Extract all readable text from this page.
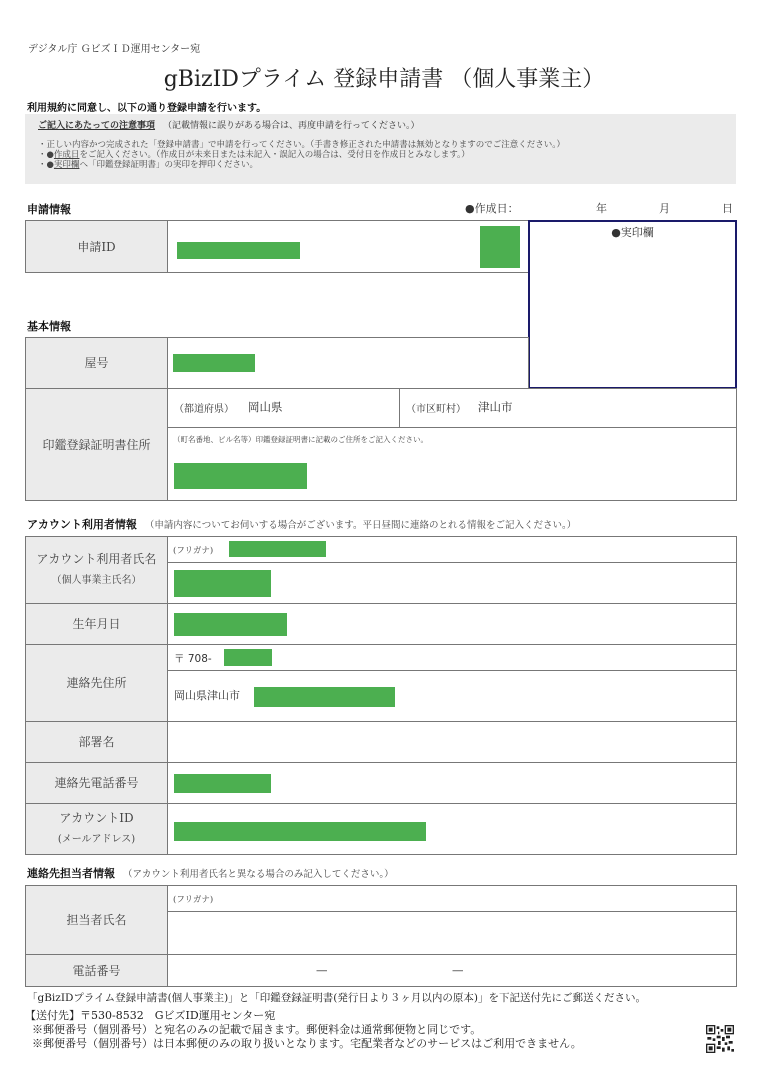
デジタル庁 ＧビズＩＤ運用センター宛
gBizIDプライム 登録申請書 （個人事業主）
利用規約に同意し、以下の通り登録申請を行います。
ご記入にあたっての注意事項 （記載情報に誤りがある場合は、再度申請を行ってください。）
・正しい内容かつ完成された「登録申請書」で申請を行ってください。（手書き修正された申請書は無効となりますのでご注意ください。）
・●作成日をご記入ください。（作成日が未来日または未記入・誤記入の場合は、受付日を作成日とみなします。）
・●実印欄へ「印鑑登録証明書」の実印を押印ください。
申請情報	●作成日：	年	月	日
申請ID
●実印欄
基本情報
屋号
印鑑登録証明書住所
（都道府県） 岡山県	（市区町村） 津山市
（町名番地、ビル名等）印鑑登録証明書に記載のご住所をご記入ください。
アカウント利用者情報 （申請内容についてお伺いする場合がございます。平日昼間に連絡のとれる情報をご記入ください。）
アカウント利用者氏名
（個人事業主氏名）
(フリガナ)
生年月日
連絡先住所
〒 708-
岡山県津山市
部署名
連絡先電話番号
アカウントID
(メールアドレス)
連絡先担当者情報 （アカウント利用者氏名と異なる場合のみ記入してください。）
担当者氏名
(フリガナ)
電話番号	—	—
「gBizIDプライム登録申請書(個人事業主)」と「印鑑登録証明書(発行日より３ヶ月以内の原本)」を下記送付先にご郵送ください。
【送付先】〒530-8532　GビズID運用センター宛
※郵便番号（個別番号）と宛名のみの記載で届きます。郵便料金は通常郵便物と同じです。
※郵便番号（個別番号）は日本郵便のみの取り扱いとなります。宅配業者などのサービスはご利用できません。
